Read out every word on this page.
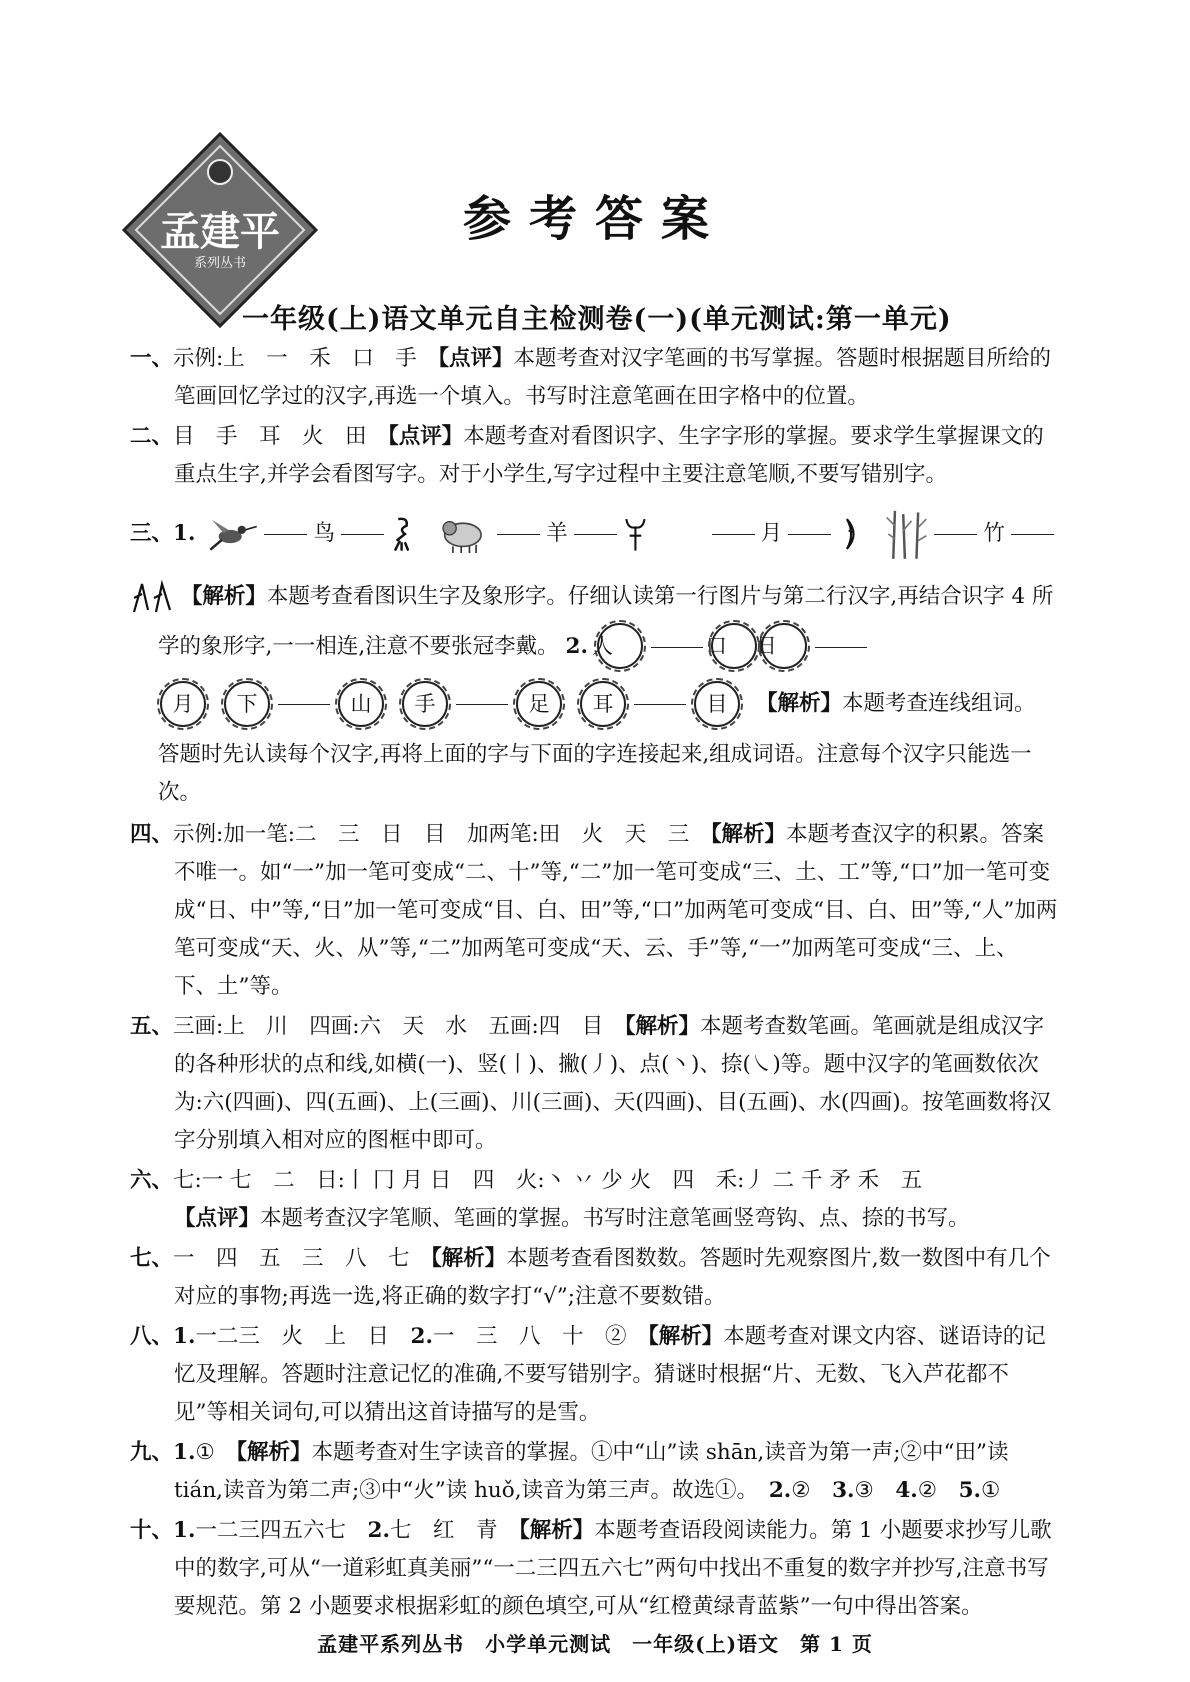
孟建平
系列丛书
参考答案
一年级(上)语文单元自主检测卷(一)(单元测试:第一单元)

一、示例:上　一　禾　口　手　【点评】本题考查对汉字笔画的书写掌握。答题时根据题目所给的笔画回忆学过的汉字,再选一个填入。书写时注意笔画在田字格中的位置。

二、目　手　耳　火　田　【点评】本题考查对看图识字、生字字形的掌握。要求学生掌握课文的重点生字,并学会看图写字。对于小学生,写字过程中主要注意笔顺,不要写错别字。

三、 1.	鸟	羊	月	竹

【解析】本题考查看图识生字及象形字。仔细认读第一行图片与第二行汉字,再结合识字 4 所学的象形字,一一相连,注意不要张冠李戴。 2. 人	口 日

月	下	山	手	足	耳	目	【解析】 本题考查连线组词。

答题时先认读每个汉字,再将上面的字与下面的字连接起来,组成词语。注意每个汉字只能选一次。

四、示例:加一笔:二　三　日　目　加两笔:田　火　天　三　【解析】本题考查汉字的积累。答案不唯一。如“一”加一笔可变成“二、十”等,“二”加一笔可变成“三、土、工”等,“口”加一笔可变成“日、中”等,“日”加一笔可变成“目、白、田”等,“口”加两笔可变成“目、白、田”等,“人”加两笔可变成“天、火、从”等,“二”加两笔可变成“天、云、手”等,“一”加两笔可变成“三、上、下、土”等。

五、三画:上　川　四画:六　天　水　五画:四　目　【解析】本题考查数笔画。笔画就是组成汉字的各种形状的点和线,如横(一)、竖(丨)、撇(丿)、点(丶)、捺(㇏)等。题中汉字的笔画数依次为:六(四画)、四(五画)、上(三画)、川(三画)、天(四画)、目(五画)、水(四画)。按笔画数将汉字分别填入相对应的图框中即可。

六、七:一 七　二　日:丨 冂 月 日　四　火:丶 丷 少 火　四　禾:丿 二 千 矛 禾　五
【点评】本题考查汉字笔顺、笔画的掌握。书写时注意笔画竖弯钩、点、捺的书写。

七、一　四　五　三　八　七　【解析】本题考查看图数数。答题时先观察图片,数一数图中有几个对应的事物;再选一选,将正确的数字打“√”;注意不要数错。

八、1.一二三　火　上　日　2.一　三　八　十　②　【解析】本题考查对课文内容、谜语诗的记忆及理解。答题时注意记忆的准确,不要写错别字。猜谜时根据“片、无数、飞入芦花都不见”等相关词句,可以猜出这首诗描写的是雪。

九、1.①　【解析】本题考查对生字读音的掌握。①中“山”读 shān,读音为第一声;②中“田”读 tián,读音为第二声;③中“火”读 huǒ,读音为第三声。故选①。　 2.②　 3.③　 4.②　 5.①

十、1.一二三四五六七　2.七　红　青　【解析】本题考查语段阅读能力。第 1 小题要求抄写儿歌中的数字,可从“一道彩虹真美丽”“一二三四五六七”两句中找出不重复的数字并抄写,注意书写要规范。第 2 小题要求根据彩虹的颜色填空,可从“红橙黄绿青蓝紫”一句中得出答案。

孟建平系列丛书　小学单元测试　一年级(上)语文　第 1 页
